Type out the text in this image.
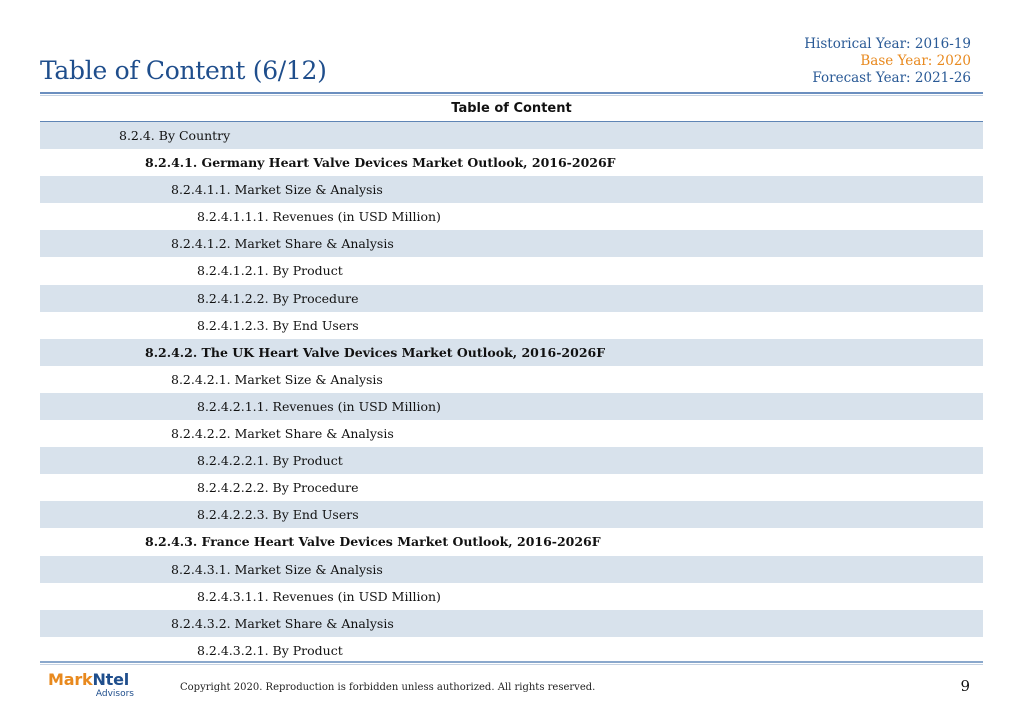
Table of Content (6/12)
Historical Year: 2016-19
Base Year: 2020
Forecast Year: 2021-26
Table of Content
8.2.4. By Country
8.2.4.1. Germany Heart Valve Devices Market Outlook, 2016-2026F
8.2.4.1.1. Market Size & Analysis
8.2.4.1.1.1. Revenues (in USD Million)
8.2.4.1.2. Market Share & Analysis
8.2.4.1.2.1. By Product
8.2.4.1.2.2. By Procedure
8.2.4.1.2.3. By End Users
8.2.4.2. The UK Heart Valve Devices Market Outlook, 2016-2026F
8.2.4.2.1. Market Size & Analysis
8.2.4.2.1.1. Revenues (in USD Million)
8.2.4.2.2. Market Share & Analysis
8.2.4.2.2.1. By Product
8.2.4.2.2.2. By Procedure
8.2.4.2.2.3. By End Users
8.2.4.3. France Heart Valve Devices Market Outlook, 2016-2026F
8.2.4.3.1. Market Size & Analysis
8.2.4.3.1.1. Revenues (in USD Million)
8.2.4.3.2. Market Share & Analysis
8.2.4.3.2.1. By Product
MarkNtel
Advisors
Copyright 2020. Reproduction is forbidden unless authorized. All rights reserved.	9
